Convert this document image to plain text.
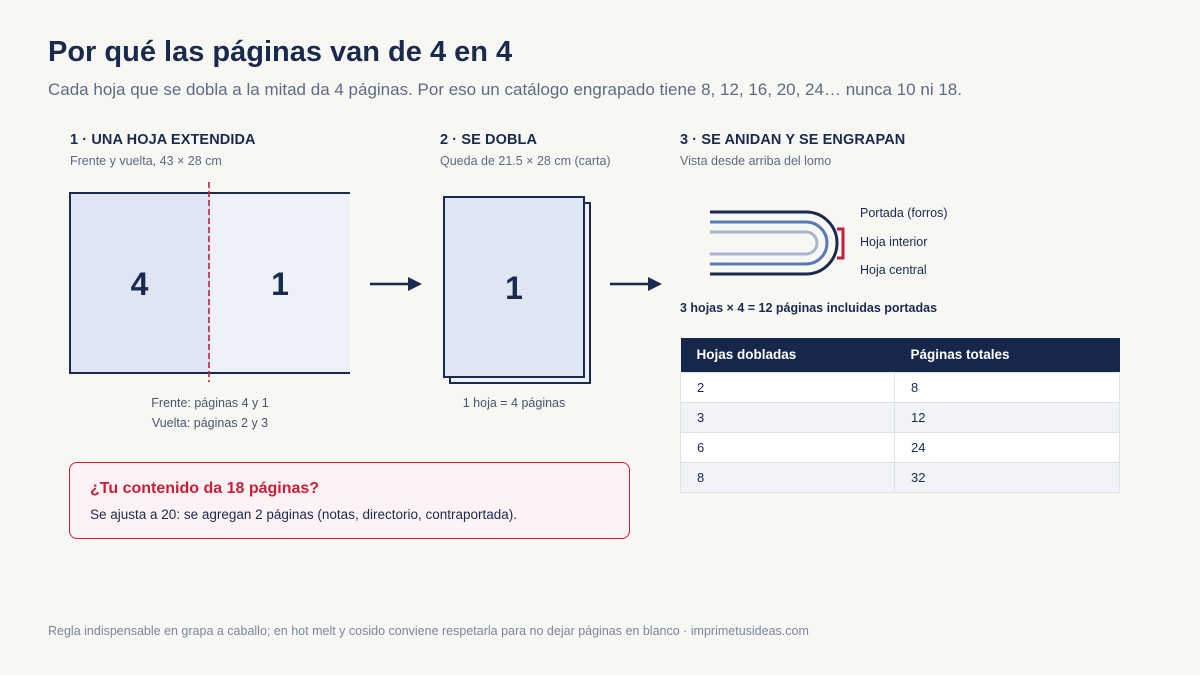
Por qué las páginas van de 4 en 4
Cada hoja que se dobla a la mitad da 4 páginas. Por eso un catálogo engrapado tiene 8, 12, 16, 20, 24… nunca 10 ni 18.
1 · UNA HOJA EXTENDIDA
Frente y vuelta, 43 × 28 cm
4	1
Frente: páginas 4 y 1
Vuelta: páginas 2 y 3
2 · SE DOBLA
Queda de 21.5 × 28 cm (carta)
1
1 hoja = 4 páginas
3 · SE ANIDAN Y SE ENGRAPAN
Vista desde arriba del lomo
Portada (forros)
Hoja interior
Hoja central
3 hojas × 4 = 12 páginas incluidas portadas
Hojas dobladas	Páginas totales
2	8
3	12
6	24
8	32
¿Tu contenido da 18 páginas?
Se ajusta a 20: se agregan 2 páginas (notas, directorio, contraportada).
Regla indispensable en grapa a caballo; en hot melt y cosido conviene respetarla para no dejar páginas en blanco · imprimetusideas.com
